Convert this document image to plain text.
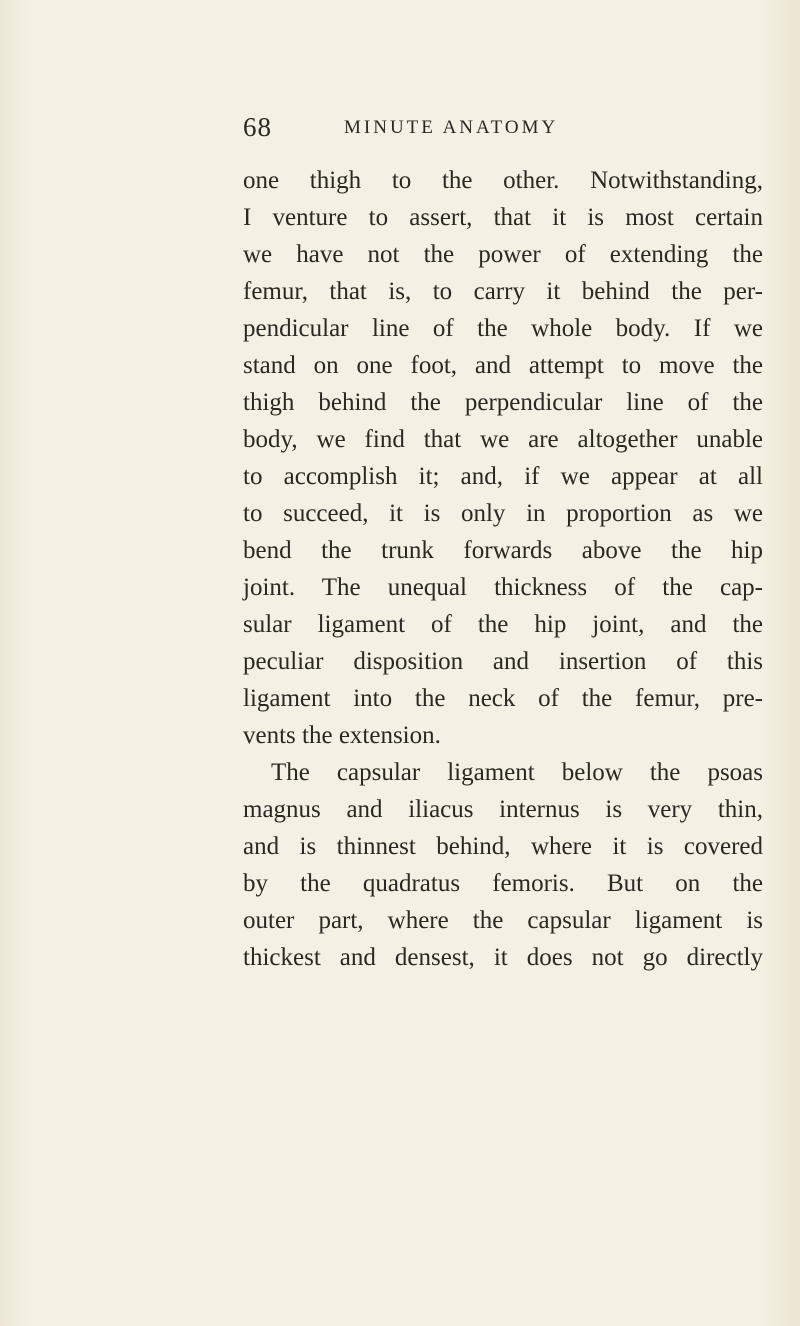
68	MINUTE ANATOMY
one thigh to the other. Notwithstanding,
I venture to assert, that it is most certain
we have not the power of extending the
femur, that is, to carry it behind the per-
pendicular line of the whole body. If we
stand on one foot, and attempt to move the
thigh behind the perpendicular line of the
body, we find that we are altogether unable
to accomplish it; and, if we appear at all
to succeed, it is only in proportion as we
bend the trunk forwards above the hip
joint. The unequal thickness of the cap-
sular ligament of the hip joint, and the
peculiar disposition and insertion of this
ligament into the neck of the femur, pre-
vents the extension.
The capsular ligament below the psoas
magnus and iliacus internus is very thin,
and is thinnest behind, where it is covered
by the quadratus femoris. But on the
outer part, where the capsular ligament is
thickest and densest, it does not go directly
